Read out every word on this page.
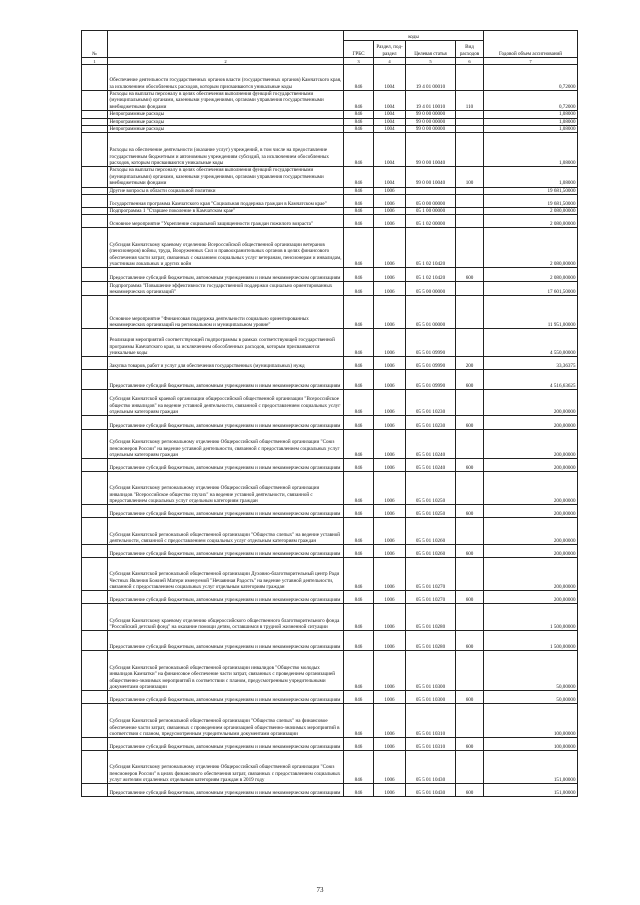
№		коды				Годовой объем ассигнований
		ГРБС	Раздел, под-раздел	Целевая статья	Вид расходов	
1	2	3	4	5	6	7
	Обеспечение деятельности государственных органов власти (государственных органов) Камчатского края, за исключением обособленных расходов, которым присваиваются уникальные коды	846	1004	19 4 01 00010		0,72000
	Расходы на выплаты персоналу в целях обеспечения выполнения функций государственными (муниципальными) органами, казенными учреждениями, органами управления государственными внебюджетными фондами	846	1004	19 4 01 10010	110	0,72000
	Непрограммные расходы	846	1004	99 0 00 00000		1,08000
	Непрограммные расходы	846	1004	99 0 00 00000		1,08000
	Непрограммные расходы	846	1004	99 0 00 00000		1,08000
	Расходы на обеспечение деятельности (оказание услуг) учреждений, в том числе на предоставление государственным бюджетным и автономным учреждениям субсидий, за исключением обособленных расходов, которым присваиваются уникальные коды	846	1004	99 0 00 10040		1,08000
	Расходы на выплаты персоналу в целях обеспечения выполнения функций государственными (муниципальными) органами, казенными учреждениями, органами управления государственными внебюджетными фондами	846	1004	99 0 00 10040	100	1,08000
	Другие вопросы в области социальной политики	846	1006			19 681,50000
	Государственная программа Камчатского края "Социальная поддержка граждан в Камчатском крае"	846	1006	05 0 00 00000		19 681,50000
	Подпрограмма 1 "Старшее поколение в Камчатском крае"	846	1006	05 1 00 00000		2 080,00000
	Основное мероприятие "Укрепление социальной защищенности граждан пожилого возраста"	846	1006	05 1 02 00000		2 080,00000
	Субсидия Камчатскому краевому отделению Всероссийской общественной организации ветеранов (пенсионеров) войны, труда, Вооруженных Сил и правоохранительных органов в целях финансового обеспечения части затрат, связанных с оказанием социальных услуг ветеранам, пенсионерам и инвалидам, участникам локальных и других войн	846	1006	05 1 02 10420		2 080,00000
	Предоставление субсидий бюджетным, автономным учреждениям и иным некоммерческим организациям	846	1006	05 1 02 10420	600	2 080,00000
	Подпрограмма "Повышение эффективности государственной поддержки социально ориентированных некоммерческих организаций"	846	1006	05 5 00 00000		17 601,50000
	Основное мероприятие "Финансовая поддержка деятельности социально ориентированных некоммерческих организаций на региональном и муниципальном уровне"	846	1006	05 5 01 00000		11 951,00000
	Реализация мероприятий соответствующей подпрограммы в рамках соответствующей государственной программы Камчатского края, за исключением обособленных расходов, которым присваиваются уникальные коды	846	1006	05 5 01 09990		4 550,00000
	Закупка товаров, работ и услуг для обеспечения государственных (муниципальных) нужд	846	1006	05 5 01 09990	200	33,36375
	Предоставление субсидий бюджетным, автономным учреждениям и иным некоммерческим организациям	846	1006	05 5 01 09990	600	4 516,63625
	Субсидия Камчатской краевой организации общероссийской общественной организации "Всероссийское общество инвалидов" на ведение уставной деятельности, связанной с предоставлением социальных услуг отдельным категориям граждан	846	1006	05 5 01 10230		200,00000
	Предоставление субсидий бюджетным, автономным учреждениям и иным некоммерческим организациям	846	1006	05 5 01 10230	600	200,00000
	Субсидия Камчатскому региональному отделению Общероссийской общественной организации "Союз пенсионеров России" на ведение уставной деятельности, связанной с предоставлением социальных услуг отдельным категориям граждан	846	1006	05 5 01 10240		200,00000
	Предоставление субсидий бюджетным, автономным учреждениям и иным некоммерческим организациям	846	1006	05 5 01 10240	600	200,00000
	Субсидия Камчатскому региональному отделению Общероссийской общественной организации инвалидов "Всероссийское общество глухих" на ведение уставной деятельности, связанной с предоставлением социальных услуг отдельным категориям граждан	846	1006	05 5 01 10250		200,00000
	Предоставление субсидий бюджетным, автономным учреждениям и иным некоммерческим организациям	846	1006	05 5 01 10250	600	200,00000
	Субсидия Камчатской региональной общественной организации "Общество слепых" на ведение уставной деятельности, связанной с предоставлением социальных услуг отдельным категориям граждан	846	1006	05 5 01 10260		200,00000
	Предоставление субсидий бюджетным, автономным учреждениям и иным некоммерческим организациям	846	1006	05 5 01 10260	600	200,00000
	Субсидия Камчатской региональной общественной организации Духовно-благотворительный центр Ради Честных Явления Божией Матери именуемой "Нечаянная Радость" на ведение уставной деятельности, связанной с предоставлением социальных услуг отдельным категориям граждан	846	1006	05 5 01 10270		200,00000
	Предоставление субсидий бюджетным, автономным учреждениям и иным некоммерческим организациям	846	1006	05 5 01 10270	600	200,00000
	Субсидия Камчатскому краевому отделению общероссийского общественного благотворительного фонда "Российский детский фонд" на оказание помощи детям, оставшимся в трудной жизненной ситуации	846	1006	05 5 01 10280		1 500,00000
	Предоставление субсидий бюджетным, автономным учреждениям и иным некоммерческим организациям	846	1006	05 5 01 10280	600	1 500,00000
	Субсидия Камчатской региональной общественной организации инвалидов "Общество молодых инвалидов Камчатки" на финансовое обеспечение части затрат, связанных с проведением организацией общественно-значимых мероприятий в соответствии с планом, предусмотренным учредительными документами организации	846	1006	05 5 01 10300		50,00000
	Предоставление субсидий бюджетным, автономным учреждениям и иным некоммерческим организациям	846	1006	05 5 01 10300	600	50,00000
	Субсидия Камчатской региональной общественной организации "Общество слепых" на финансовое обеспечение части затрат, связанных с проведением организацией общественно-значимых мероприятий в соответствии с планом, предусмотренным учредительными документами организации	846	1006	05 5 01 10310		100,00000
	Предоставление субсидий бюджетным, автономным учреждениям и иным некоммерческим организациям	846	1006	05 5 01 10310	600	100,00000
	Субсидия Камчатскому региональному отделению Общероссийской общественной организации "Союз пенсионеров России" в целях финансового обеспечения затрат, связанных с предоставлением социальных услуг жителям отдаленных отдельным категориям граждан в 2019 году	846	1006	05 5 01 10430		151,00000
	Предоставление субсидий бюджетным, автономным учреждениям и иным некоммерческим организациям	846	1006	05 5 01 10430	600	151,00000
73
